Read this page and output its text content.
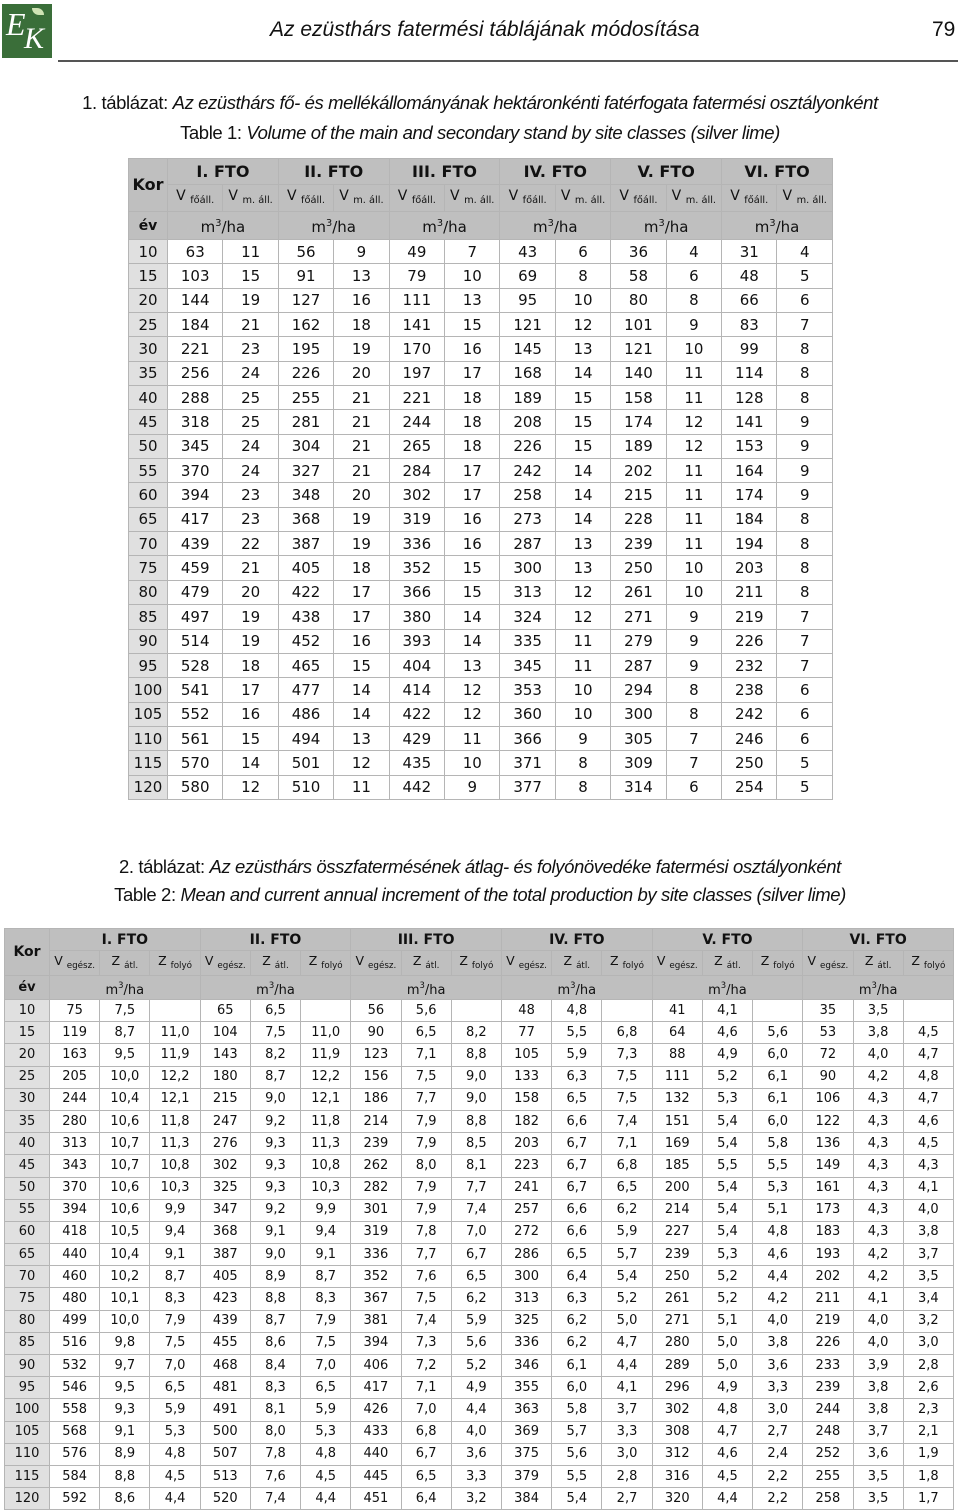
E
K	Az ezüsthárs fatermési táblájának módosítása	79
1. táblázat: Az ezüsthárs fő- és mellékállományának hektáronkénti fatérfogata fatermési osztályonként
Table 1: Volume of the main and secondary stand by site classes (silver lime)
Kor	I. FTO		II. FTO		III. FTO		IV. FTO		V. FTO		VI. FTO	
	V $_{főáll.}$	V $_{m. áll.}$	V $_{főáll.}$	V $_{m. áll.}$	V $_{főáll.}$	V $_{m. áll.}$	V $_{főáll.}$	V $_{m. áll.}$	V $_{főáll.}$	V $_{m. áll.}$	V $_{főáll.}$	V $_{m. áll.}$
év	$m^3/ha$		$m^3/ha$		$m^3/ha$		$m^3/ha$		$m^3/ha$		$m^3/ha$	
10	63	11	56	9	49	7	43	6	36	4	31	4
15	103	15	91	13	79	10	69	8	58	6	48	5
20	144	19	127	16	111	13	95	10	80	8	66	6
25	184	21	162	18	141	15	121	12	101	9	83	7
30	221	23	195	19	170	16	145	13	121	10	99	8
35	256	24	226	20	197	17	168	14	140	11	114	8
40	288	25	255	21	221	18	189	15	158	11	128	8
45	318	25	281	21	244	18	208	15	174	12	141	9
50	345	24	304	21	265	18	226	15	189	12	153	9
55	370	24	327	21	284	17	242	14	202	11	164	9
60	394	23	348	20	302	17	258	14	215	11	174	9
65	417	23	368	19	319	16	273	14	228	11	184	8
70	439	22	387	19	336	16	287	13	239	11	194	8
75	459	21	405	18	352	15	300	13	250	10	203	8
80	479	20	422	17	366	15	313	12	261	10	211	8
85	497	19	438	17	380	14	324	12	271	9	219	7
90	514	19	452	16	393	14	335	11	279	9	226	7
95	528	18	465	15	404	13	345	11	287	9	232	7
100	541	17	477	14	414	12	353	10	294	8	238	6
105	552	16	486	14	422	12	360	10	300	8	242	6
110	561	15	494	13	429	11	366	9	305	7	246	6
115	570	14	501	12	435	10	371	8	309	7	250	5
120	580	12	510	11	442	9	377	8	314	6	254	5
2. táblázat: Az ezüsthárs összfatermésének átlag- és folyónövedéke fatermési osztályonként
Table 2: Mean and current annual increment of the total production by site classes (silver lime)
Kor	I. FTO			II. FTO			III. FTO			IV. FTO			V. FTO			VI. FTO		
	V $_{egész.}$	Z $_{átl.}$	Z $_{folyó}$	V $_{egész.}$	Z $_{átl.}$	Z $_{folyó}$	V $_{egész.}$	Z $_{átl.}$	Z $_{folyó}$	V $_{egész.}$	Z $_{átl.}$	Z $_{folyó}$	V $_{egész.}$	Z $_{átl.}$	Z $_{folyó}$	V $_{egész.}$	Z $_{átl.}$	Z $_{folyó}$
év	$m^3/ha$			$m^3/ha$			$m^3/ha$			$m^3/ha$			$m^3/ha$			$m^3/ha$		
10	75	7,5		65	6,5		56	5,6		48	4,8		41	4,1		35	3,5	
15	119	8,7	11,0	104	7,5	11,0	90	6,5	8,2	77	5,5	6,8	64	4,6	5,6	53	3,8	4,5
20	163	9,5	11,9	143	8,2	11,9	123	7,1	8,8	105	5,9	7,3	88	4,9	6,0	72	4,0	4,7
25	205	10,0	12,2	180	8,7	12,2	156	7,5	9,0	133	6,3	7,5	111	5,2	6,1	90	4,2	4,8
30	244	10,4	12,1	215	9,0	12,1	186	7,7	9,0	158	6,5	7,5	132	5,3	6,1	106	4,3	4,7
35	280	10,6	11,8	247	9,2	11,8	214	7,9	8,8	182	6,6	7,4	151	5,4	6,0	122	4,3	4,6
40	313	10,7	11,3	276	9,3	11,3	239	7,9	8,5	203	6,7	7,1	169	5,4	5,8	136	4,3	4,5
45	343	10,7	10,8	302	9,3	10,8	262	8,0	8,1	223	6,7	6,8	185	5,5	5,5	149	4,3	4,3
50	370	10,6	10,3	325	9,3	10,3	282	7,9	7,7	241	6,7	6,5	200	5,4	5,3	161	4,3	4,1
55	394	10,6	9,9	347	9,2	9,9	301	7,9	7,4	257	6,6	6,2	214	5,4	5,1	173	4,3	4,0
60	418	10,5	9,4	368	9,1	9,4	319	7,8	7,0	272	6,6	5,9	227	5,4	4,8	183	4,3	3,8
65	440	10,4	9,1	387	9,0	9,1	336	7,7	6,7	286	6,5	5,7	239	5,3	4,6	193	4,2	3,7
70	460	10,2	8,7	405	8,9	8,7	352	7,6	6,5	300	6,4	5,4	250	5,2	4,4	202	4,2	3,5
75	480	10,1	8,3	423	8,8	8,3	367	7,5	6,2	313	6,3	5,2	261	5,2	4,2	211	4,1	3,4
80	499	10,0	7,9	439	8,7	7,9	381	7,4	5,9	325	6,2	5,0	271	5,1	4,0	219	4,0	3,2
85	516	9,8	7,5	455	8,6	7,5	394	7,3	5,6	336	6,2	4,7	280	5,0	3,8	226	4,0	3,0
90	532	9,7	7,0	468	8,4	7,0	406	7,2	5,2	346	6,1	4,4	289	5,0	3,6	233	3,9	2,8
95	546	9,5	6,5	481	8,3	6,5	417	7,1	4,9	355	6,0	4,1	296	4,9	3,3	239	3,8	2,6
100	558	9,3	5,9	491	8,1	5,9	426	7,0	4,4	363	5,8	3,7	302	4,8	3,0	244	3,8	2,3
105	568	9,1	5,3	500	8,0	5,3	433	6,8	4,0	369	5,7	3,3	308	4,7	2,7	248	3,7	2,1
110	576	8,9	4,8	507	7,8	4,8	440	6,7	3,6	375	5,6	3,0	312	4,6	2,4	252	3,6	1,9
115	584	8,8	4,5	513	7,6	4,5	445	6,5	3,3	379	5,5	2,8	316	4,5	2,2	255	3,5	1,8
120	592	8,6	4,4	520	7,4	4,4	451	6,4	3,2	384	5,4	2,7	320	4,4	2,2	258	3,5	1,7
